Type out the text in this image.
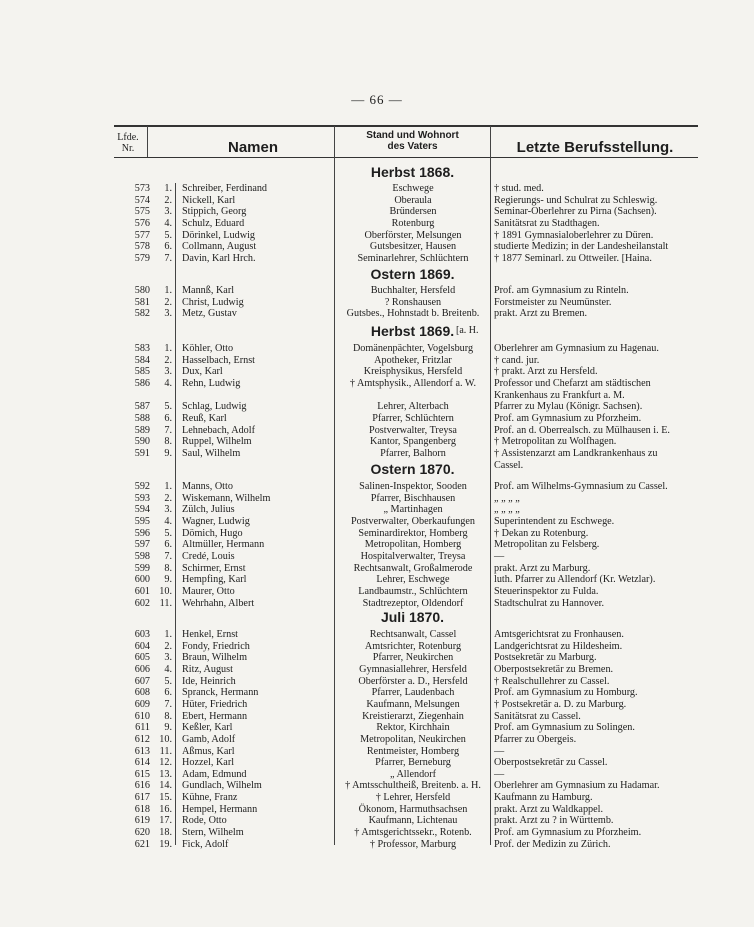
— 66 —
Lfde.
Nr.	Namen
Stand und Wohnort
des Vaters	Letzte Berufsstellung.
Herbst 1868.
573	1. Schreiber, Ferdinand	Eschwege	† stud. med.
574	2. Nickell, Karl	Oberaula	Regierungs- und Schulrat zu Schleswig.
575	3. Stippich, Georg	Bründersen	Seminar-Oberlehrer zu Pirna (Sachsen).
576	4. Schulz, Eduard	Rotenburg	Sanitätsrat zu Stadthagen.
577	5. Dörinkel, Ludwig	Oberförster, Melsungen	† 1891 Gymnasialoberlehrer zu Düren.
578	6. Collmann, August	Gutsbesitzer, Hausen	studierte Medizin; in der Landesheilanstalt
579	7. Davin, Karl Hrch.	Seminarlehrer, Schlüchtern	† 1877 Seminarl. zu Ottweiler. [Haina.
Ostern 1869.
580	1. Mannß, Karl	Buchhalter, Hersfeld	Prof. am Gymnasium zu Rinteln.
581	2. Christ, Ludwig	? Ronshausen	Forstmeister zu Neumünster.
582	3. Metz, Gustav	Gutsbes., Hohnstadt b. Breitenb.	prakt. Arzt zu Bremen.
Herbst 1869.
583	1. Köhler, Otto	Domänenpächter, Vogelsburg	Oberlehrer am Gymnasium zu Hagenau.
584	2. Hasselbach, Ernst	Apotheker, Fritzlar	† cand. jur.
585	3. Dux, Karl	Kreisphysikus, Hersfeld	† prakt. Arzt zu Hersfeld.
586	4. Rehn, Ludwig	† Amtsphysik., Allendorf a. W.	Professor und Chefarzt am städtischen
Krankenhaus zu Frankfurt a. M.
587	5. Schlag, Ludwig	Lehrer, Alterbach	Pfarrer zu Mylau (Königr. Sachsen).
588	6. Reuß, Karl	Pfarrer, Schlüchtern	Prof. am Gymnasium zu Pforzheim.
589	7. Lehnebach, Adolf	Postverwalter, Treysa	Prof. an d. Oberrealsch. zu Mülhausen i. E.
590	8. Ruppel, Wilhelm	Kantor, Spangenberg	† Metropolitan zu Wolfhagen.
591	9. Saul, Wilhelm	Pfarrer, Balhorn	† Assistenzarzt am Landkrankenhaus zu
Cassel.
Ostern 1870.
592	1. Manns, Otto	Salinen-Inspektor, Sooden	Prof. am Wilhelms-Gymnasium zu Cassel.
593	2. Wiskemann, Wilhelm	Pfarrer, Bischhausen	„ „ „ „
594	3. Zülch, Julius	„ Martinhagen	„ „ „ „
595	4. Wagner, Ludwig	Postverwalter, Oberkaufungen	Superintendent zu Eschwege.
596	5. Dömich, Hugo	Seminardirektor, Homberg	† Dekan zu Rotenburg.
597	6. Altmüller, Hermann	Metropolitan, Homberg	Metropolitan zu Felsberg.
598	7. Credé, Louis	Hospitalverwalter, Treysa	—
599	8. Schirmer, Ernst	Rechtsanwalt, Großalmerode	prakt. Arzt zu Marburg.
600	9. Hempfing, Karl	Lehrer, Eschwege	luth. Pfarrer zu Allendorf (Kr. Wetzlar).
601 10. Maurer, Otto	Landbaumstr., Schlüchtern	Steuerinspektor zu Fulda.
602 11. Wehrhahn, Albert	Stadtrezeptor, Oldendorf	Stadtschulrat zu Hannover.
Juli 1870.
603	1. Henkel, Ernst	Rechtsanwalt, Cassel	Amtsgerichtsrat zu Fronhausen.
604	2. Fondy, Friedrich	Amtsrichter, Rotenburg	Landgerichtsrat zu Hildesheim.
605	3. Braun, Wilhelm	Pfarrer, Neukirchen	Postsekretär zu Marburg.
606	4. Ritz, August	Gymnasiallehrer, Hersfeld	Oberpostsekretär zu Bremen.
607	5. Ide, Heinrich	Oberförster a. D., Hersfeld	† Realschullehrer zu Cassel.
608	6. Spranck, Hermann	Pfarrer, Laudenbach	Prof. am Gymnasium zu Homburg.
609	7. Hüter, Friedrich	Kaufmann, Melsungen	† Postsekretär a. D. zu Marburg.
610	8. Ebert, Hermann	Kreistierarzt, Ziegenhain	Sanitätsrat zu Cassel.
611	9. Keßler, Karl	Rektor, Kirchhain	Prof. am Gymnasium zu Solingen.
612 10. Gamb, Adolf	Metropolitan, Neukirchen	Pfarrer zu Obergeis.
613 11. Aßmus, Karl	Rentmeister, Homberg	—
614 12. Hozzel, Karl	Pfarrer, Berneburg	Oberpostsekretär zu Cassel.
615 13. Adam, Edmund	„ Allendorf	—
616 14. Gundlach, Wilhelm	† Amtsschultheiß, Breitenb. a. H.	Oberlehrer am Gymnasium zu Hadamar.
617 15. Kühne, Franz	† Lehrer, Hersfeld	Kaufmann zu Hamburg.
618 16. Hempel, Hermann	Ökonom, Harmuthsachsen	prakt. Arzt zu Waldkappel.
619 17. Rode, Otto	Kaufmann, Lichtenau	prakt. Arzt zu ? in Württemb.
620 18. Stern, Wilhelm	† Amtsgerichtssekr., Rotenb.	Prof. am Gymnasium zu Pforzheim.
621 19. Fick, Adolf	† Professor, Marburg	Prof. der Medizin zu Zürich.
[a. H.
